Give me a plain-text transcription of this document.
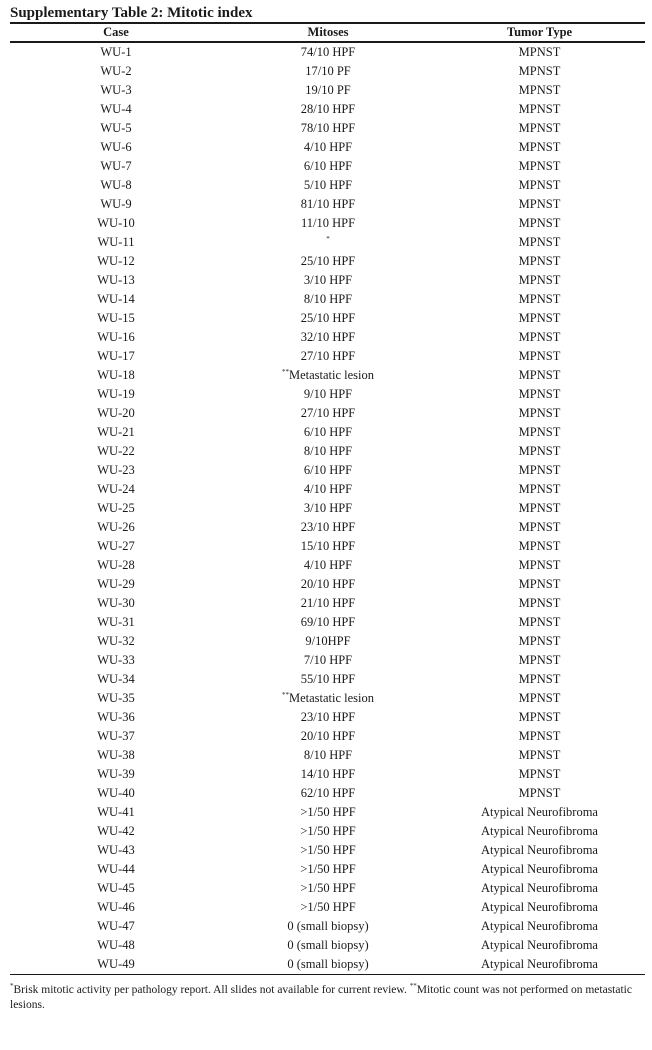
Supplementary Table 2: Mitotic index
Case	Mitoses	Tumor Type

WU-1	74/10 HPF	MPNST
WU-2	17/10 PF	MPNST
WU-3	19/10 PF	MPNST
WU-4	28/10 HPF	MPNST
WU-5	78/10 HPF	MPNST
WU-6	4/10 HPF	MPNST
WU-7	6/10 HPF	MPNST
WU-8	5/10 HPF	MPNST
WU-9	81/10 HPF	MPNST
WU-10	11/10 HPF	MPNST
WU-11	*	MPNST
WU-12	25/10 HPF	MPNST
WU-13	3/10 HPF	MPNST
WU-14	8/10 HPF	MPNST
WU-15	25/10 HPF	MPNST
WU-16	32/10 HPF	MPNST
WU-17	27/10 HPF	MPNST
WU-18	**Metastatic lesion	MPNST
WU-19	9/10 HPF	MPNST
WU-20	27/10 HPF	MPNST
WU-21	6/10 HPF	MPNST
WU-22	8/10 HPF	MPNST
WU-23	6/10 HPF	MPNST
WU-24	4/10 HPF	MPNST
WU-25	3/10 HPF	MPNST
WU-26	23/10 HPF	MPNST
WU-27	15/10 HPF	MPNST
WU-28	4/10 HPF	MPNST
WU-29	20/10 HPF	MPNST
WU-30	21/10 HPF	MPNST
WU-31	69/10 HPF	MPNST
WU-32	9/10HPF	MPNST
WU-33	7/10 HPF	MPNST
WU-34	55/10 HPF	MPNST
WU-35	**Metastatic lesion	MPNST
WU-36	23/10 HPF	MPNST
WU-37	20/10 HPF	MPNST
WU-38	8/10 HPF	MPNST
WU-39	14/10 HPF	MPNST
WU-40	62/10 HPF	MPNST
WU-41	>1/50 HPF	Atypical Neurofibroma
WU-42	>1/50 HPF	Atypical Neurofibroma
WU-43	>1/50 HPF	Atypical Neurofibroma
WU-44	>1/50 HPF	Atypical Neurofibroma
WU-45	>1/50 HPF	Atypical Neurofibroma
WU-46	>1/50 HPF	Atypical Neurofibroma
WU-47	0 (small biopsy)	Atypical Neurofibroma
WU-48	0 (small biopsy)	Atypical Neurofibroma
WU-49	0 (small biopsy)	Atypical Neurofibroma
*Brisk mitotic activity per pathology report. All slides not available for current review. **Mitotic count was not performed on metastatic lesions.
